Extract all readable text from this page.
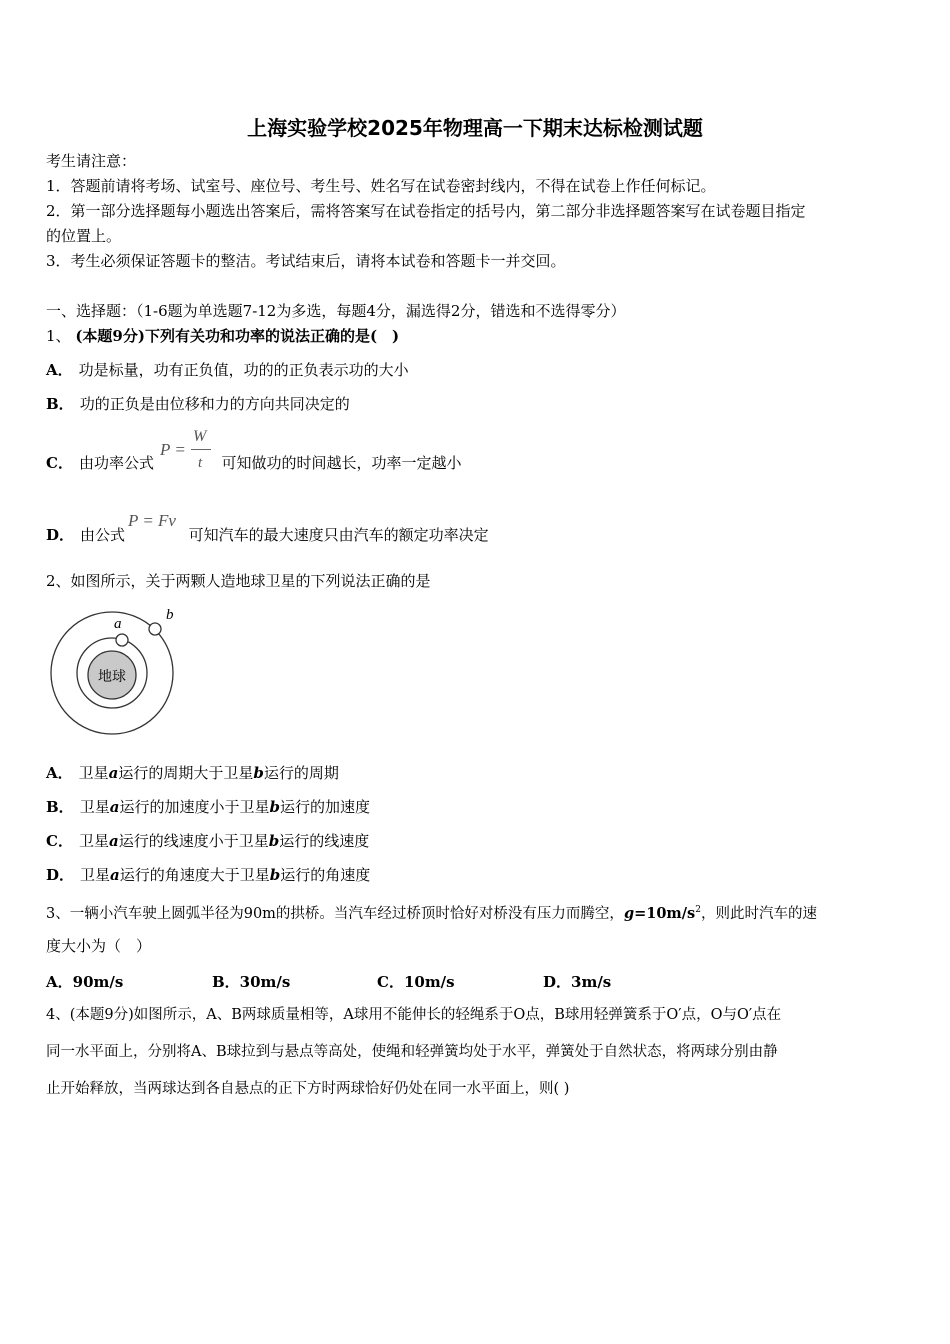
上海实验学校2025年物理高一下期末达标检测试题
考生请注意：
1．答题前请将考场、试室号、座位号、考生号、姓名写在试卷密封线内，不得在试卷上作任何标记。
2．第一部分选择题每小题选出答案后，需将答案写在试卷指定的括号内，第二部分非选择题答案写在试卷题目指定
的位置上。
3．考生必须保证答题卡的整洁。考试结束后，请将本试卷和答题卡一并交回。
一、选择题：（1-6题为单选题7-12为多选，每题4分，漏选得2分，错选和不选得零分）
1、 (本题9分)下列有关功和功率的说法正确的是(　)
A． 功是标量，功有正负值，功的的正负表示功的大小
B． 功的正负是由位移和力的方向共同决定的
C． 由功率公式	可知做功的时间越长，功率一定越小
P =
W
t
D． 由公式	可知汽车的最大速度只由汽车的额定功率决定
P = Fv
2、如图所示，关于两颗人造地球卫星的下列说法正确的是
地球
a
b
A． 卫星a运行的周期大于卫星b运行的周期
B． 卫星a运行的加速度小于卫星b运行的加速度
C． 卫星a运行的线速度小于卫星b运行的线速度
D． 卫星a运行的角速度大于卫星b运行的角速度
3、一辆小汽车驶上圆弧半径为90m的拱桥。当汽车经过桥顶时恰好对桥没有压力而腾空，$g=10m/s^2$，则此时汽车的速
度大小为（　）
A．90m/s	B．30m/s	C．10m/s	D．3m/s
4、(本题9分)如图所示，A、B两球质量相等，A球用不能伸长的轻绳系于O点，B球用轻弹簧系于O′点，O与O′点在
同一水平面上，分别将A、B球拉到与悬点等高处，使绳和轻弹簧均处于水平，弹簧处于自然状态，将两球分别由静
止开始释放，当两球达到各自悬点的正下方时两球恰好仍处在同一水平面上，则( )
